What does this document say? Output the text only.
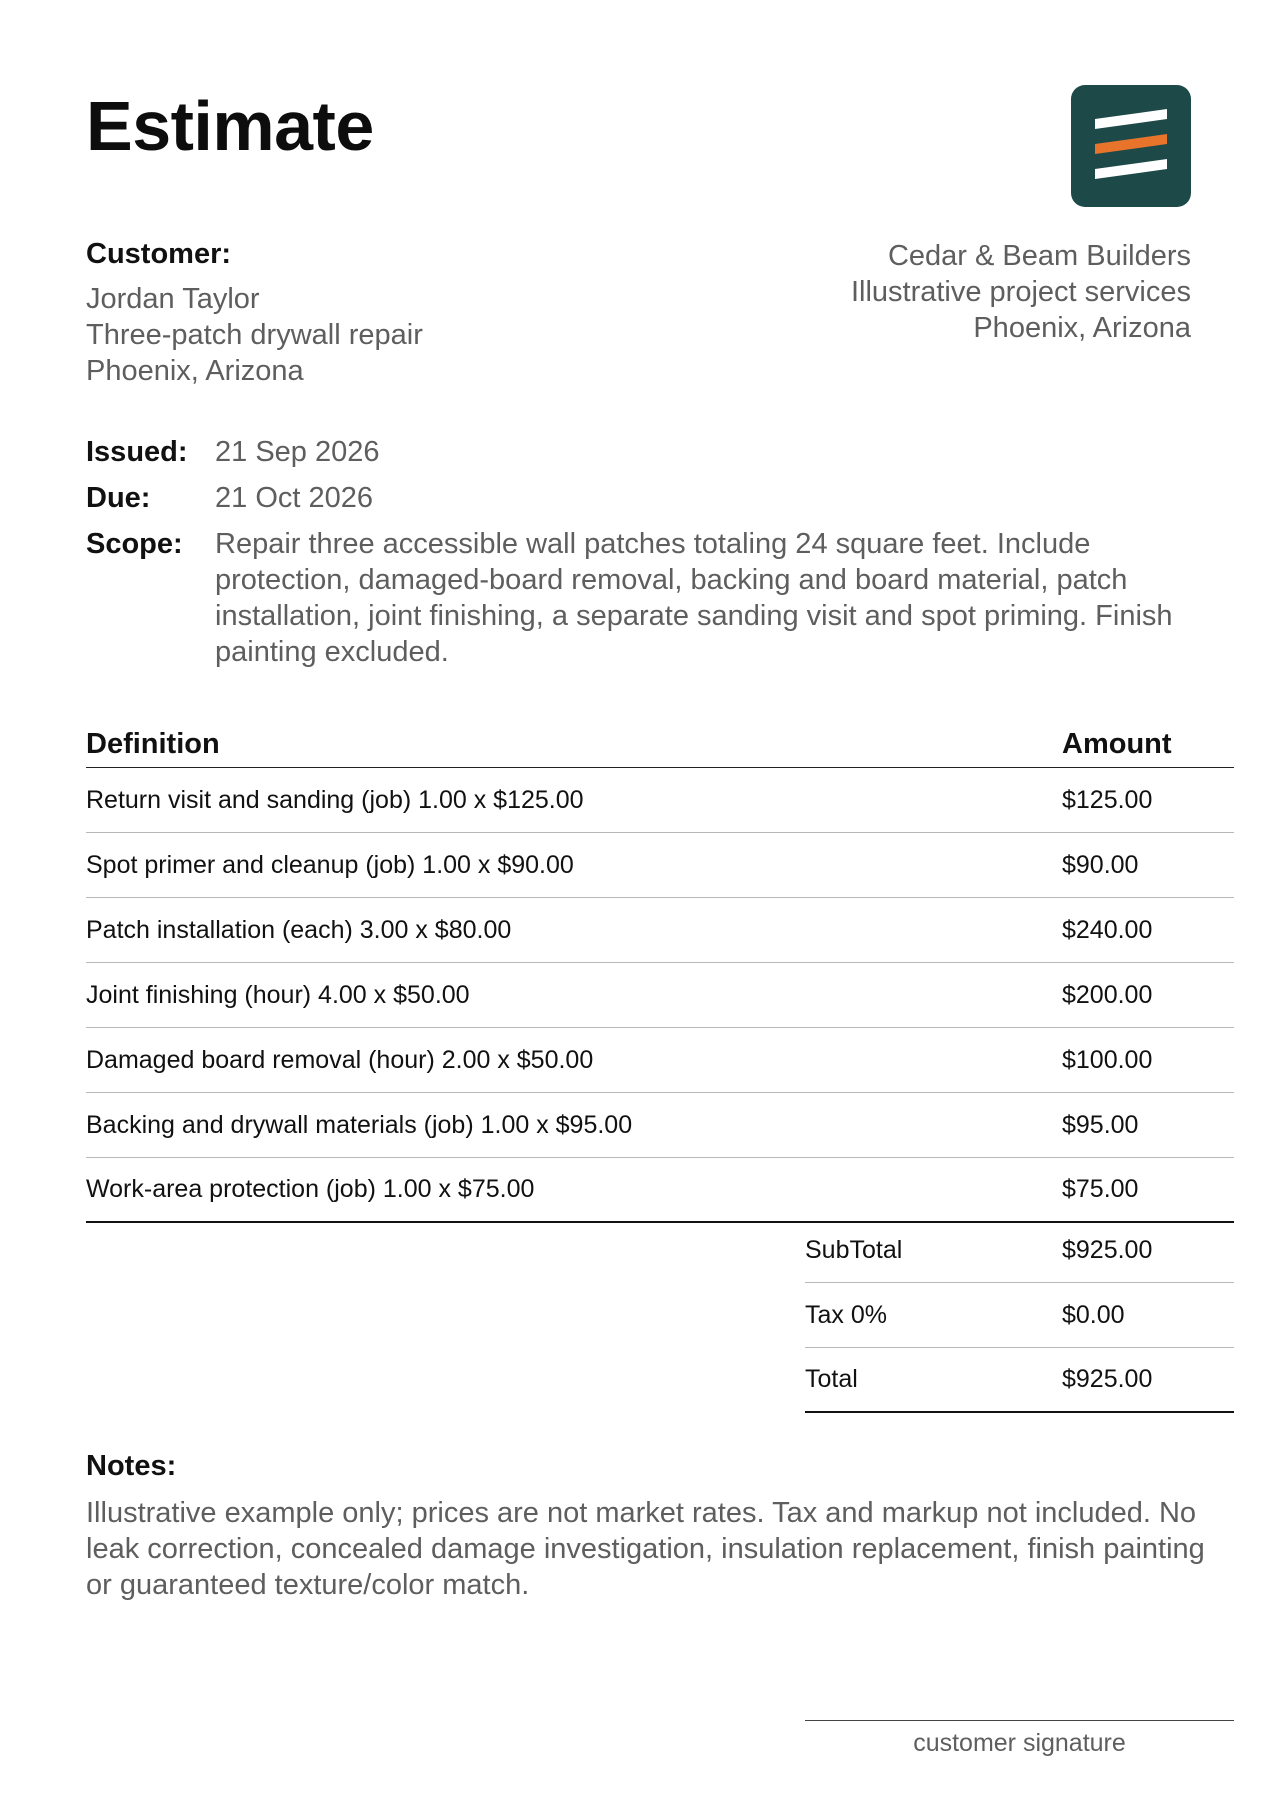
Estimate
Customer:
Jordan Taylor
Three-patch drywall repair
Phoenix, Arizona
Cedar & Beam Builders
Illustrative project services
Phoenix, Arizona
Issued: 21 Sep 2026
Due:	21 Oct 2026
Scope:	Repair three accessible wall patches totaling 24 square feet. Include protection, damaged-board removal, backing and board material, patch installation, joint finishing, a separate sanding visit and spot priming. Finish painting excluded.
Definition	Amount
Return visit and sanding (job) 1.00 x $125.00	$125.00
Spot primer and cleanup (job) 1.00 x $90.00	$90.00
Patch installation (each) 3.00 x $80.00	$240.00
Joint finishing (hour) 4.00 x $50.00	$200.00
Damaged board removal (hour) 2.00 x $50.00	$100.00
Backing and drywall materials (job) 1.00 x $95.00	$95.00
Work-area protection (job) 1.00 x $75.00	$75.00
SubTotal	$925.00
Tax 0%	$0.00
Total	$925.00
Notes:
Illustrative example only; prices are not market rates. Tax and markup not included. No leak correction, concealed damage investigation, insulation replacement, finish painting or guaranteed texture/color match.
customer signature
